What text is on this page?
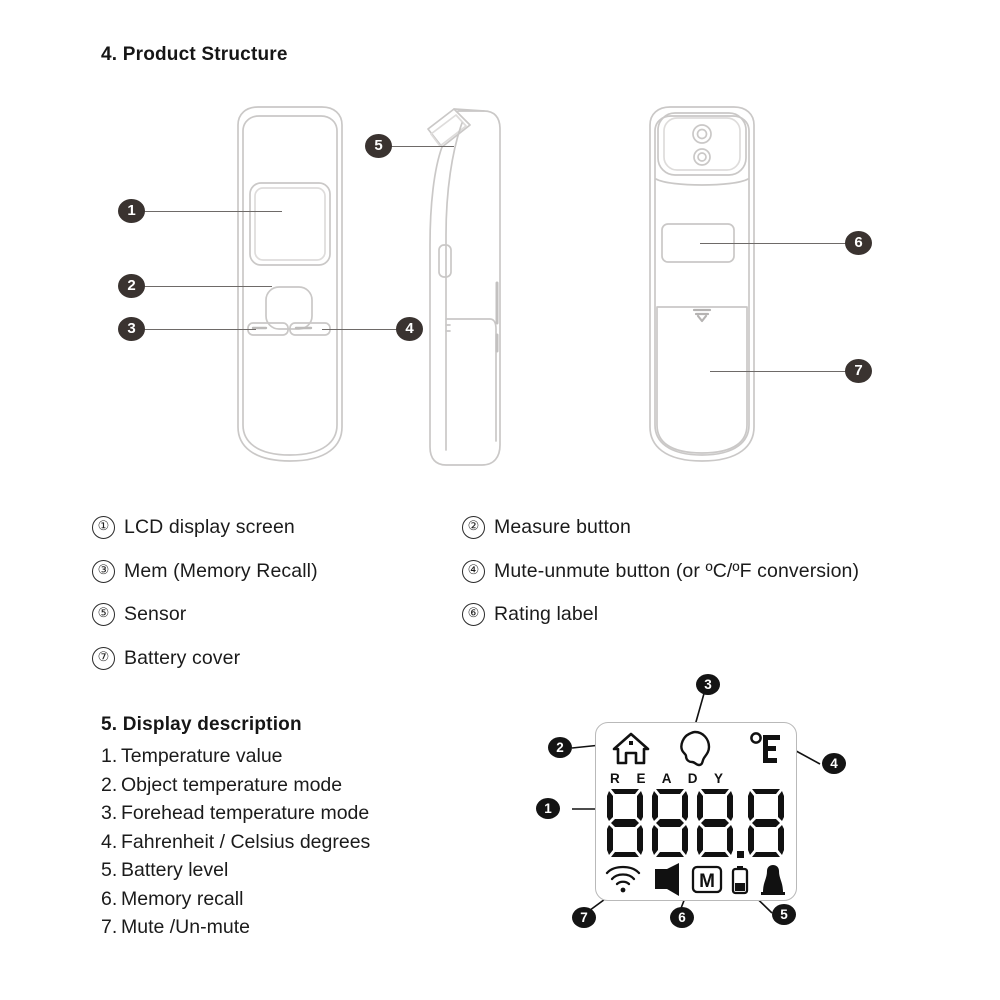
4. Product Structure
1
2
3	4
5
6
7
① LCD display screen	② Measure button
③ Mem (Memory Recall)	④ Mute-unmute button (or ºC/ºF conversion)
⑤ Sensor	⑥ Rating label
⑦ Battery cover
5. Display description
1. Temperature value
2. Object temperature mode
3. Forehead temperature mode
4. Fahrenheit / Celsius degrees
5. Battery level
6. Memory recall
7. Mute /Un-mute
R E A D Y
M
1
2
3
4
5
6
7
